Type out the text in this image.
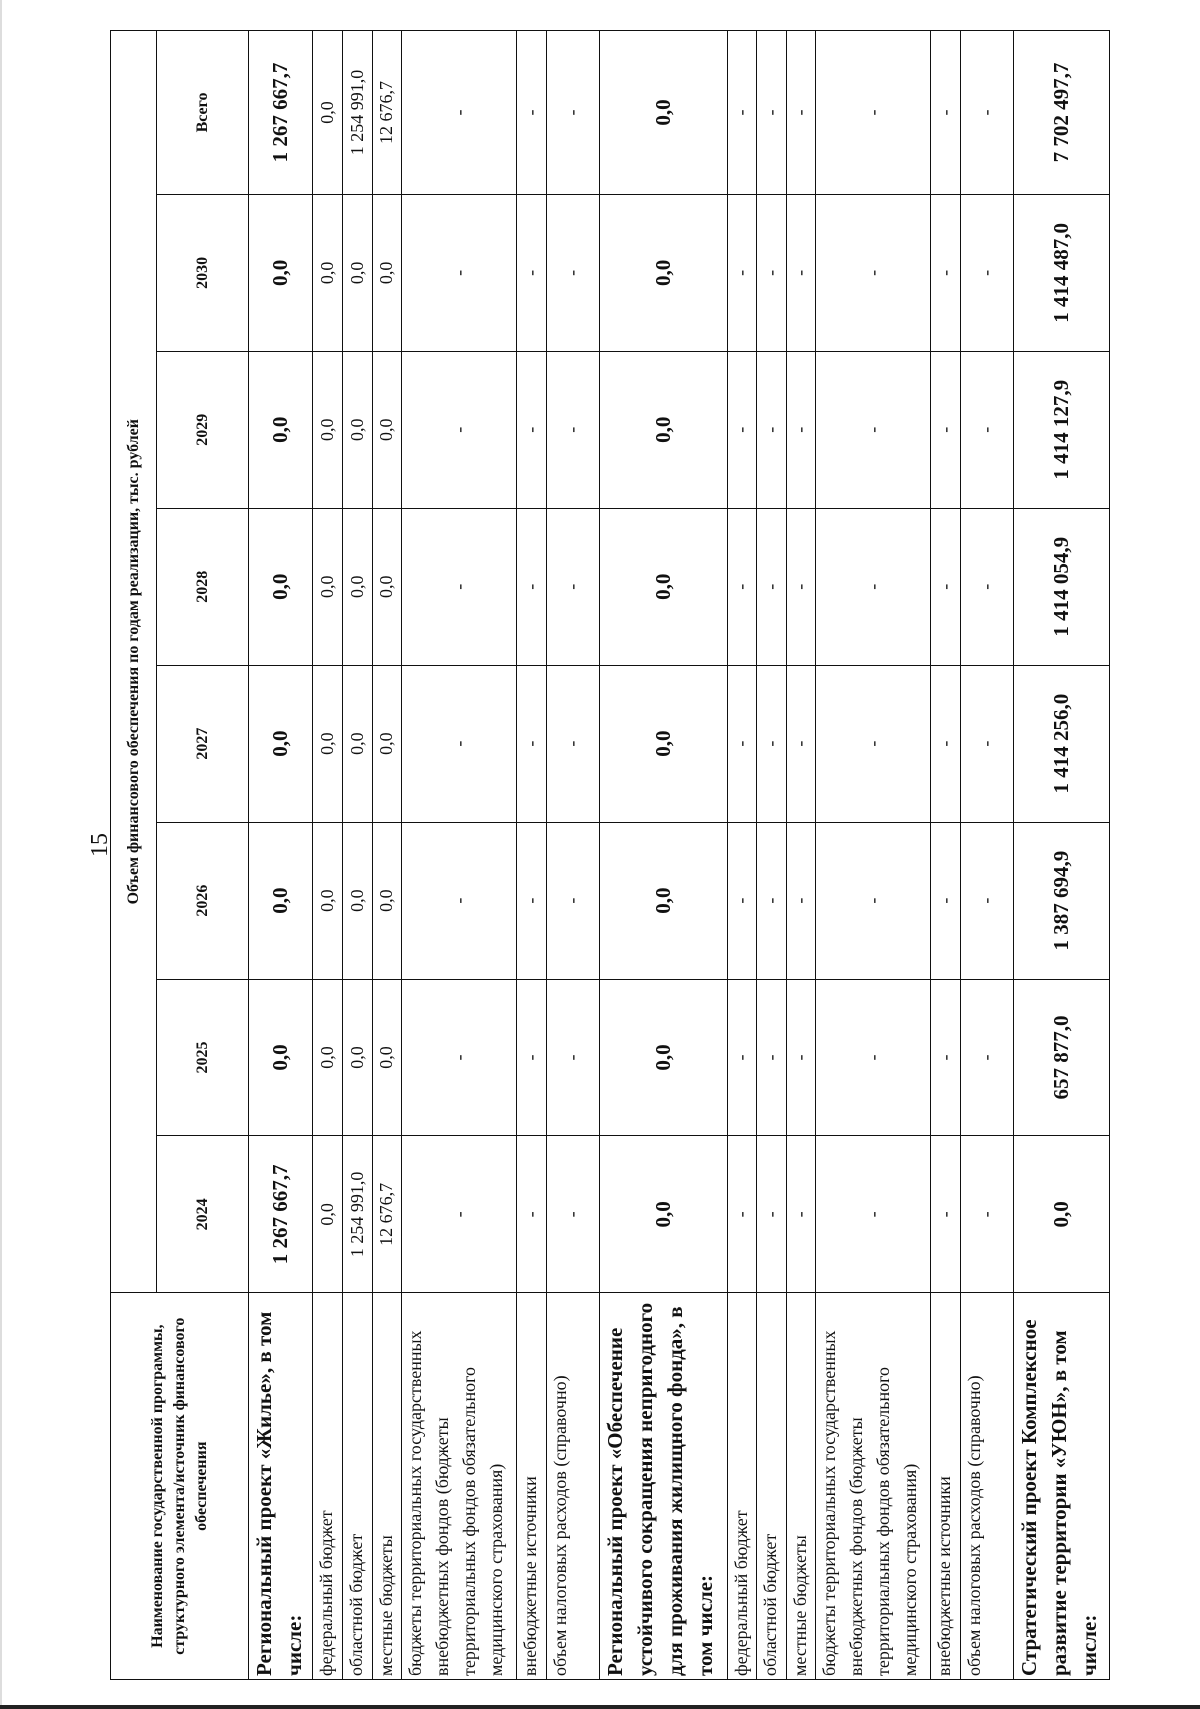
15
Наименование государственной программы, структурного элемента/источник финансового обеспечения	Объем финансового обеспечения по годам реализации, тыс. рублей							
	2024	2025	2026	2027	2028	2029	2030	Всего
Региональный проект «Жилье», в том числе:	1 267 667,7	0,0	0,0	0,0	0,0	0,0	0,0	1 267 667,7
федеральный бюджет	0,0	0,0	0,0	0,0	0,0	0,0	0,0	0,0
областной бюджет	1 254 991,0	0,0	0,0	0,0	0,0	0,0	0,0	1 254 991,0
местные бюджеты	12 676,7	0,0	0,0	0,0	0,0	0,0	0,0	12 676,7
бюджеты территориальных государственных внебюджетных фондов (бюджеты территориальных фондов обязательного медицинского страхования)	-	-	-	-	-	-	-	-
внебюджетные источники	-	-	-	-	-	-	-	-
объем налоговых расходов (справочно)	-	-	-	-	-	-	-	-
Региональный проект «Обеспечение устойчивого сокращения непригодного для проживания жилищного фонда», в том числе:	0,0	0,0	0,0	0,0	0,0	0,0	0,0	0,0
федеральный бюджет	-	-	-	-	-	-	-	-
областной бюджет	-	-	-	-	-	-	-	-
местные бюджеты	-	-	-	-	-	-	-	-
бюджеты территориальных государственных внебюджетных фондов (бюджеты территориальных фондов обязательного медицинского страхования)	-	-	-	-	-	-	-	-
внебюджетные источники	-	-	-	-	-	-	-	-
объем налоговых расходов (справочно)	-	-	-	-	-	-	-	-
Стратегический проект Комплексное развитие территории «УЮН», в том числе:	0,0	657 877,0	1 387 694,9	1 414 256,0	1 414 054,9	1 414 127,9	1 414 487,0	7 702 497,7
